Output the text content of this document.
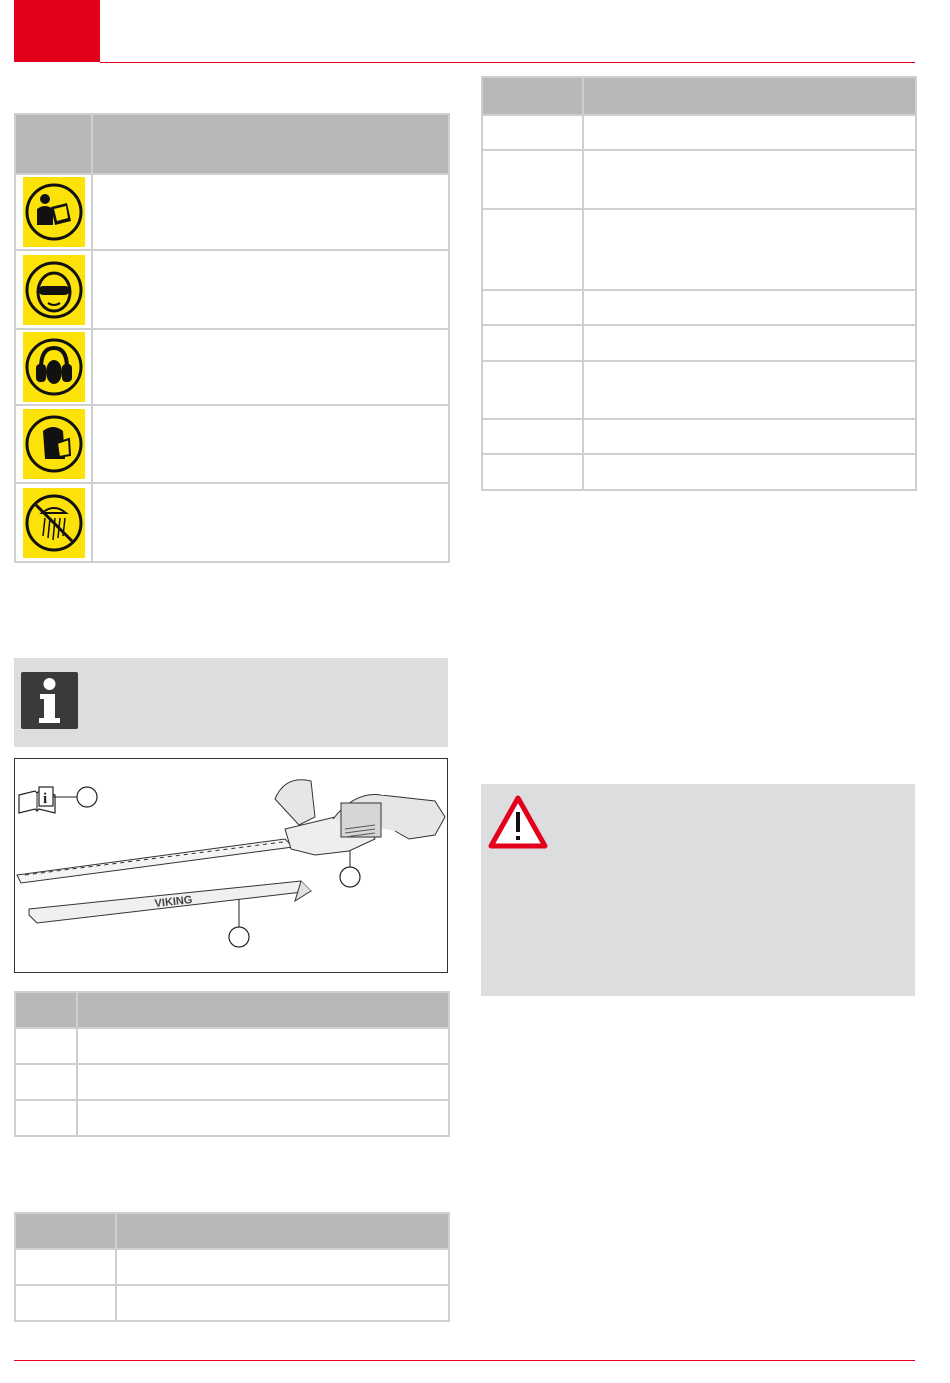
i
VIKING
